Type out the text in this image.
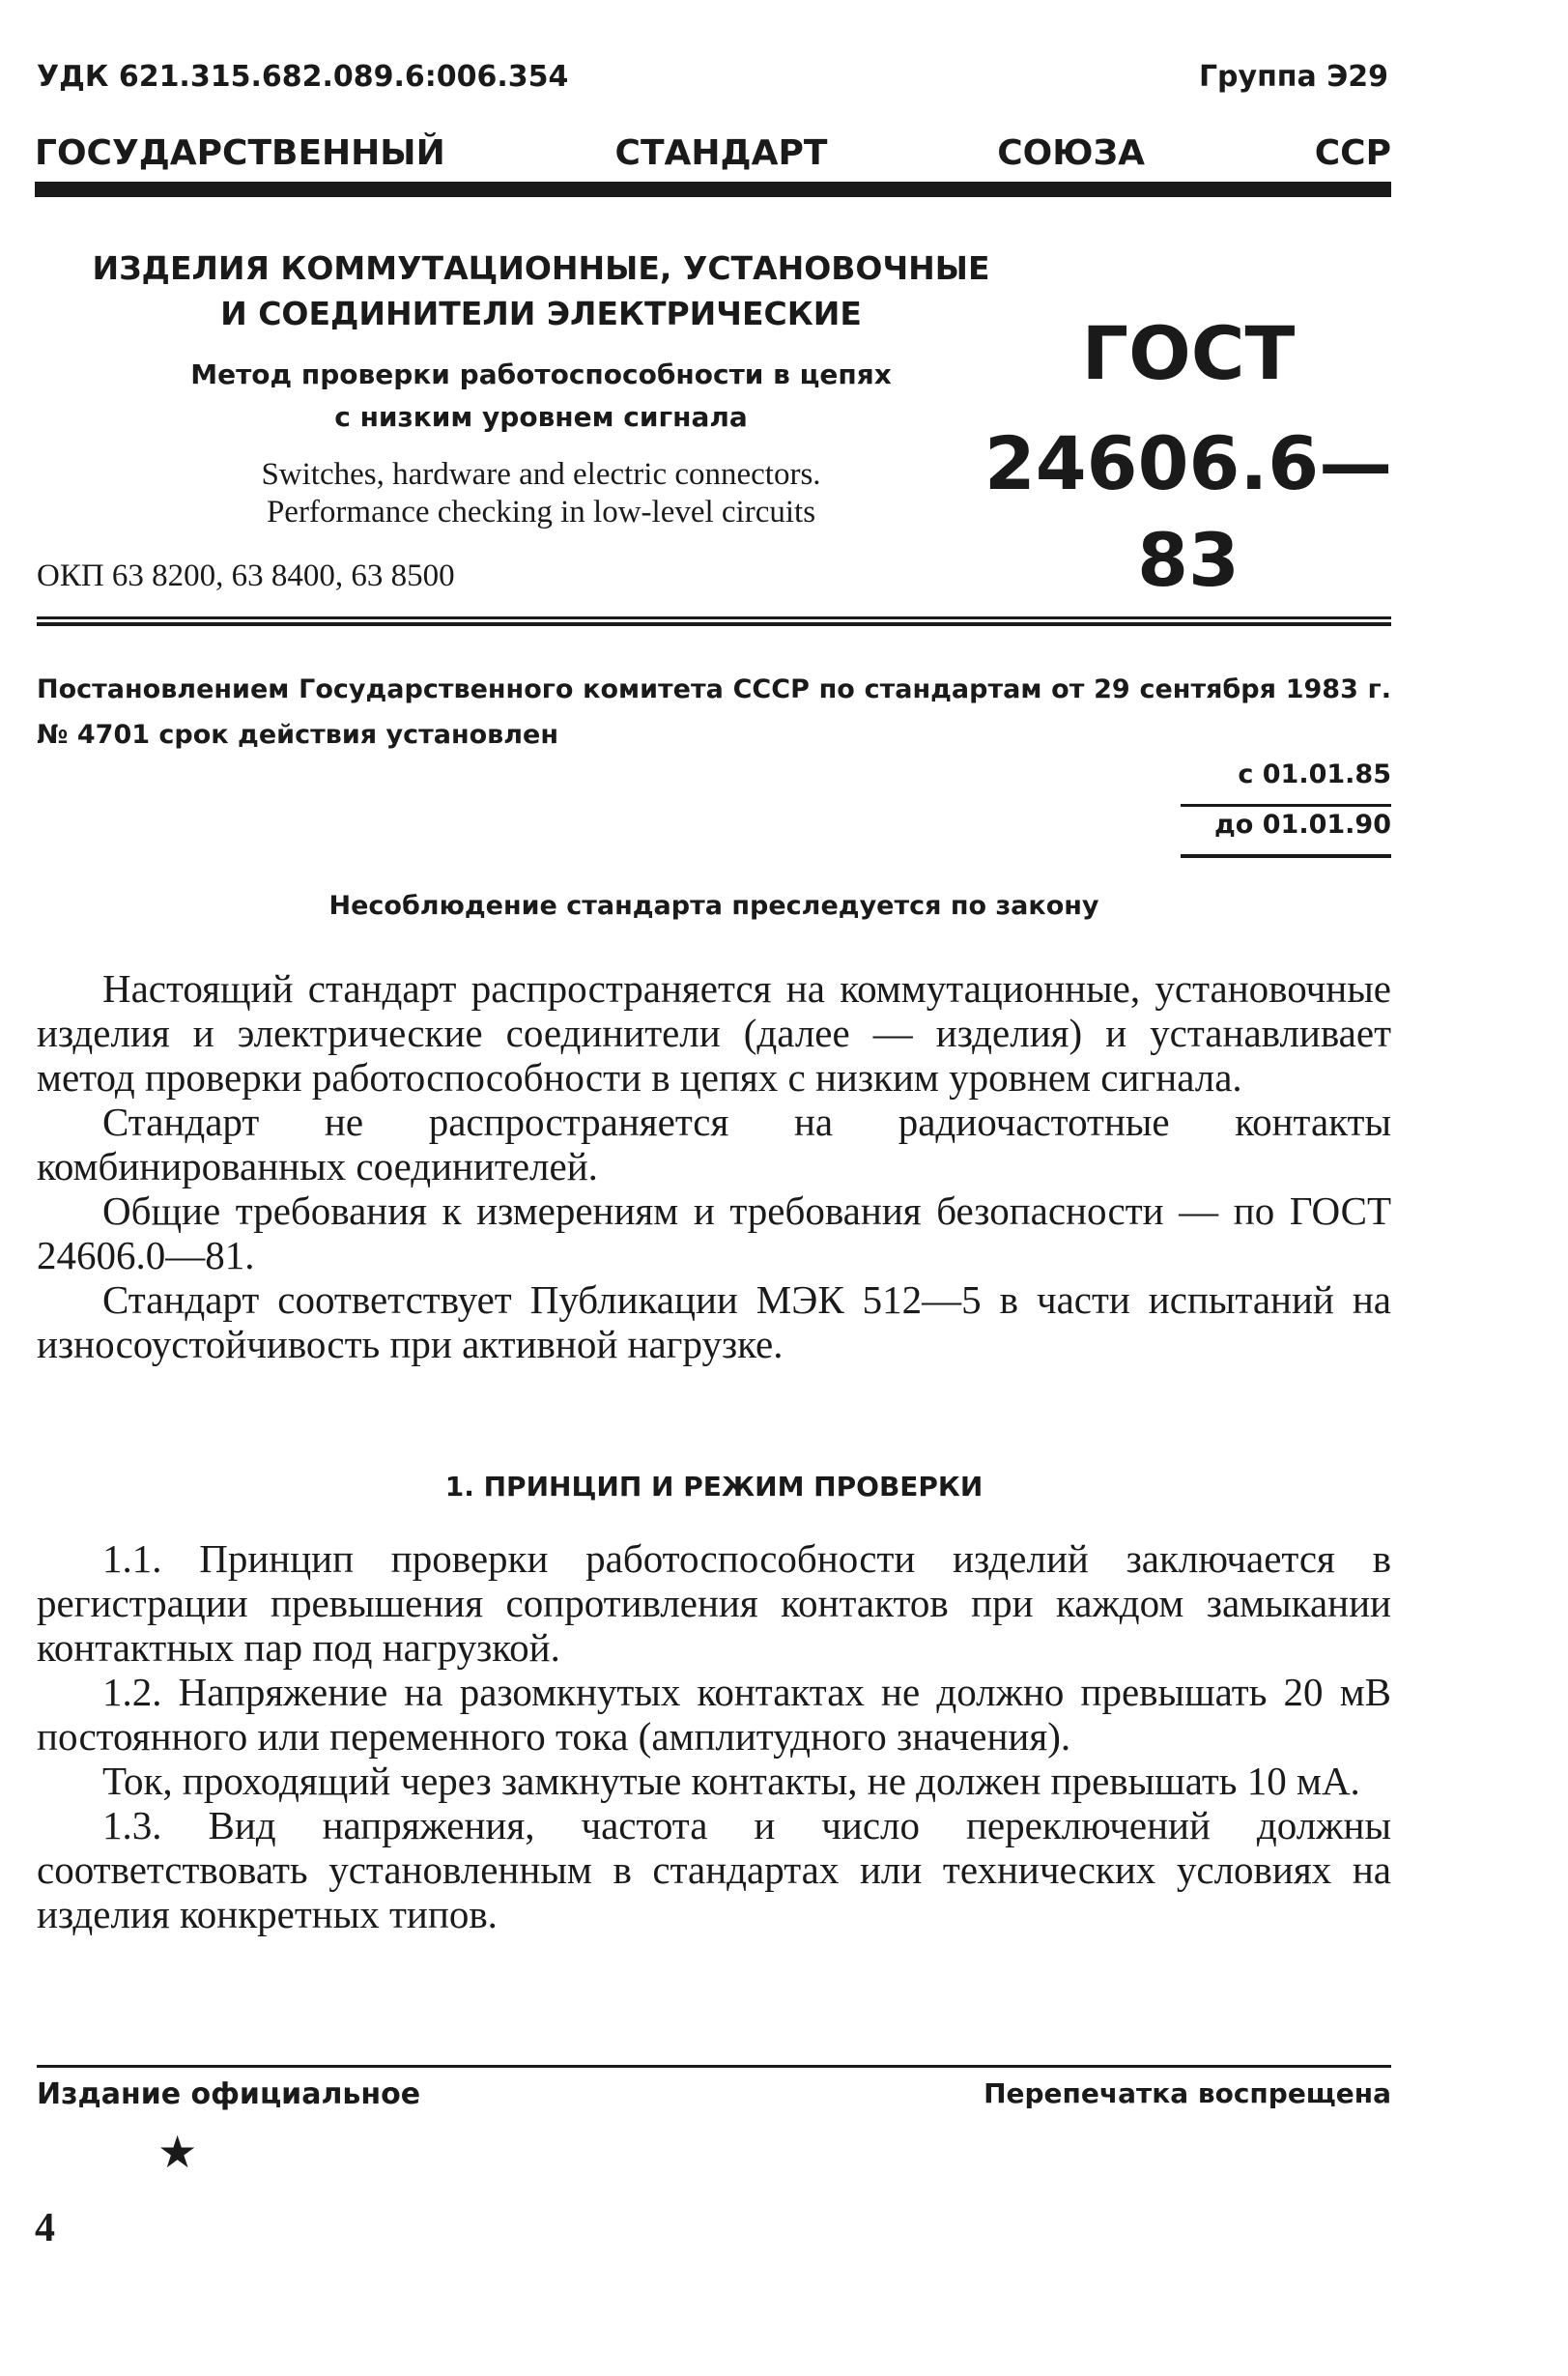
УДК 621.315.682.089.6:006.354	Группа Э29
ГОСУДАРСТВЕННЫЙ СТАНДАРТ СОЮЗА ССР
ИЗДЕЛИЯ КОММУТАЦИОННЫЕ, УСТАНОВОЧНЫЕ
И СОЕДИНИТЕЛИ ЭЛЕКТРИЧЕСКИЕ
Метод проверки работоспособности в цепях
с низким уровнем сигнала
Switches, hardware and electric connectors.
Performance checking in low-level circuits
ГОСТ
24606.6—83
ОКП 63 8200, 63 8400, 63 8500
Постановлением Государственного комитета СССР по стандартам от 29 сентября 1983 г. № 4701 срок действия установлен
с 01.01.85
до 01.01.90
Несоблюдение стандарта преследуется по закону

Настоящий стандарт распространяется на коммутационные, установочные изделия и электрические соединители (далее — изделия) и устанавливает метод проверки работоспособности в цепях с низким уровнем сигнала.

Стандарт не распространяется на радиочастотные контакты комбинированных соединителей.

Общие требования к измерениям и требования безопасности — по ГОСТ 24606.0—81.

Стандарт соответствует Публикации МЭК 512—5 в части испытаний на износоустойчивость при активной нагрузке.

1. ПРИНЦИП И РЕЖИМ ПРОВЕРКИ

1.1. Принцип проверки работоспособности изделий заключается в регистрации превышения сопротивления контактов при каждом замыкании контактных пар под нагрузкой.

1.2. Напряжение на разомкнутых контактах не должно превышать 20 мВ постоянного или переменного тока (амплитудного значения).

Ток, проходящий через замкнутые контакты, не должен превышать 10 мА.

1.3. Вид напряжения, частота и число переключений должны соответствовать установленным в стандартах или технических условиях на изделия конкретных типов.

Издание официальное	Перепечатка воспрещена
★
4
